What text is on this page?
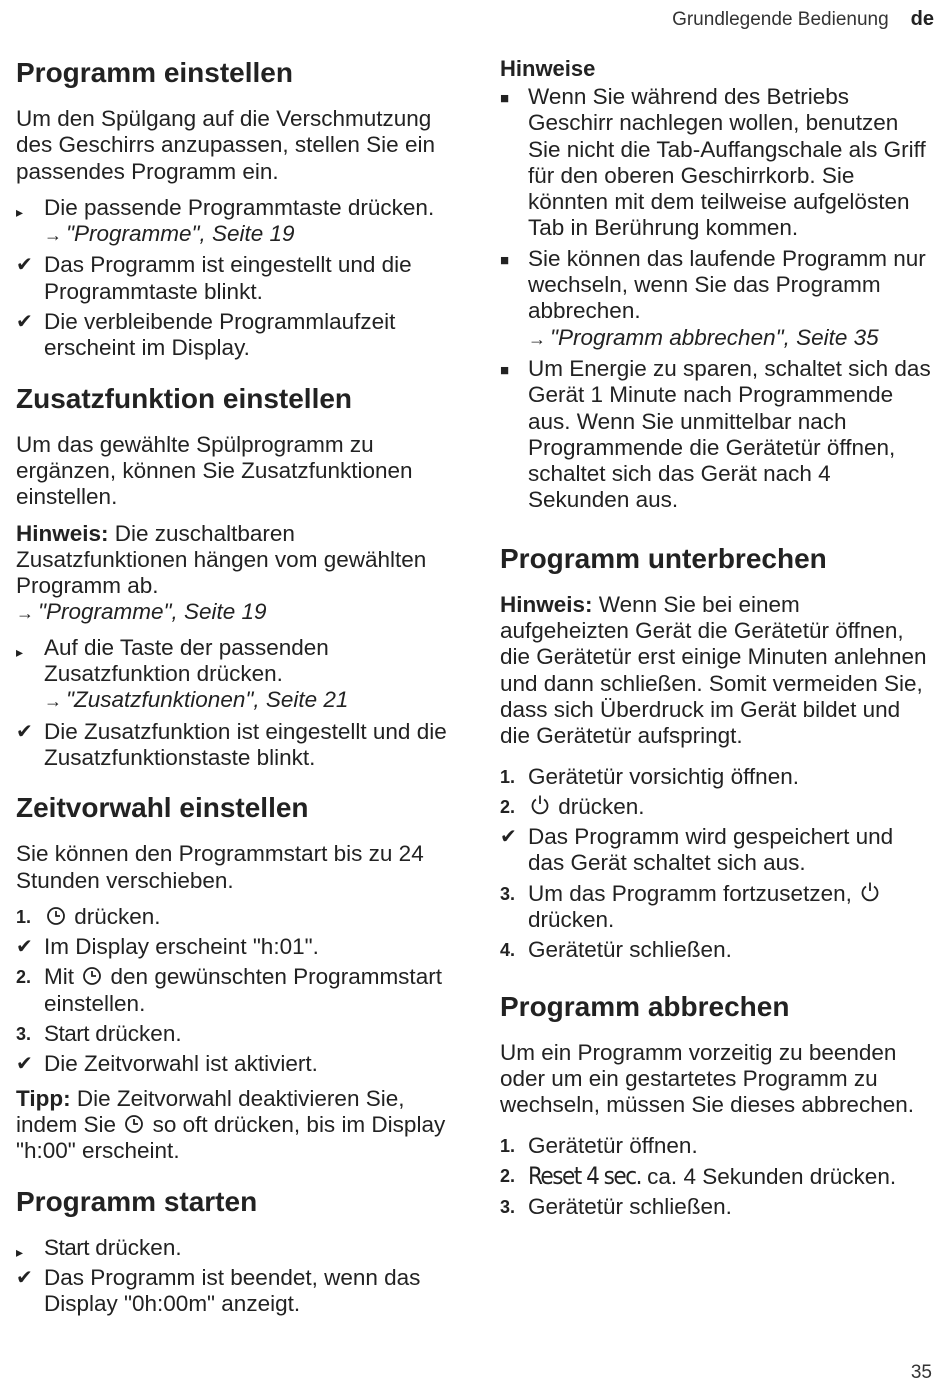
Grundlegende Bedienung de
Programm einstellen

Um den Spülgang auf die Verschmutzung des Geschirrs anzupassen, stellen Sie ein passendes Programm ein.

▸ Die passende Programmtaste drücken.
→ "Programme", Seite 19
✔ Das Programm ist eingestellt und die Programmtaste blinkt.
✔ Die verbleibende Programmlaufzeit erscheint im Display.
Zusatzfunktion einstellen

Um das gewählte Spülprogramm zu ergänzen, können Sie Zusatzfunktionen einstellen.

Hinweis: Die zuschaltbaren Zusatzfunktionen hängen vom gewählten Programm ab.
→ "Programme", Seite 19

▸ Auf die Taste der passenden Zusatzfunktion drücken.
→ "Zusatzfunktionen", Seite 21
✔ Die Zusatzfunktion ist eingestellt und die Zusatzfunktionstaste blinkt.
Zeitvorwahl einstellen

Sie können den Programmstart bis zu 24 Stunden verschieben.

1. drücken.
✔ Im Display erscheint "h:01".
2. Mit den gewünschten Programmstart einstellen.
3. Start drücken.
✔ Die Zeitvorwahl ist aktiviert.

Tipp: Die Zeitvorwahl deaktivieren Sie, indem Sie so oft drücken, bis im Display "h:00" erscheint.

Programm starten
▸ Start drücken.
✔ Das Programm ist beendet, wenn das Display "0h:00m" anzeigt.
Hinweise
■ Wenn Sie während des Betriebs Geschirr nachlegen wollen, benutzen Sie nicht die Tab-Auffangschale als Griff für den oberen Geschirrkorb. Sie könnten mit dem teilweise aufgelösten Tab in Berührung kommen.
■ Sie können das laufende Programm nur wechseln, wenn Sie das Programm abbrechen.
→ "Programm abbrechen", Seite 35
■ Um Energie zu sparen, schaltet sich das Gerät 1 Minute nach Programmende aus. Wenn Sie unmittelbar nach Programmende die Gerätetür öffnen, schaltet sich das Gerät nach 4 Sekunden aus.
Programm unterbrechen

Hinweis: Wenn Sie bei einem aufgeheizten Gerät die Gerätetür öffnen, die Gerätetür erst einige Minuten anlehnen und dann schließen. Somit vermeiden Sie, dass sich Überdruck im Gerät bildet und die Gerätetür aufspringt.

1. Gerätetür vorsichtig öffnen.
2. drücken.
✔ Das Programm wird gespeichert und das Gerät schaltet sich aus.
3. Um das Programm fortzusetzen,
drücken.
4. Gerätetür schließen.
Programm abbrechen

Um ein Programm vorzeitig zu beenden oder um ein gestartetes Programm zu wechseln, müssen Sie dieses abbrechen.

1. Gerätetür öffnen.
2. Reset 4 sec. ca. 4 Sekunden drücken.
3. Gerätetür schließen.
35
